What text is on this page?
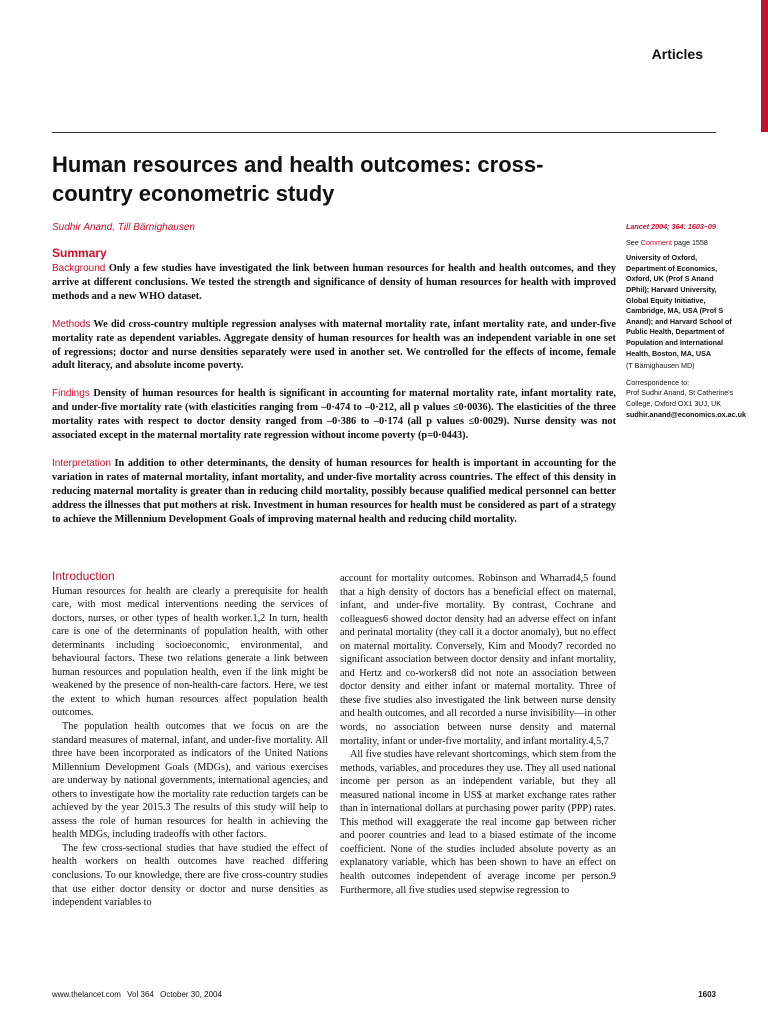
Articles
Human resources and health outcomes: cross-country econometric study
Sudhir Anand, Till Bärnighausen
Summary

Background Only a few studies have investigated the link between human resources for health and health outcomes, and they arrive at different conclusions. We tested the strength and significance of density of human resources for health with improved methods and a new WHO dataset.

Methods We did cross-country multiple regression analyses with maternal mortality rate, infant mortality rate, and under-five mortality rate as dependent variables. Aggregate density of human resources for health was an independent variable in one set of regressions; doctor and nurse densities separately were used in another set. We controlled for the effects of income, female adult literacy, and absolute income poverty.

Findings Density of human resources for health is significant in accounting for maternal mortality rate, infant mortality rate, and under-five mortality rate (with elasticities ranging from –0·474 to –0·212, all p values ≤0·0036). The elasticities of the three mortality rates with respect to doctor density ranged from –0·386 to –0·174 (all p values ≤0·0029). Nurse density was not associated except in the maternal mortality rate regression without income poverty (p=0·0443).

Interpretation In addition to other determinants, the density of human resources for health is important in accounting for the variation in rates of maternal mortality, infant mortality, and under-five mortality across countries. The effect of this density in reducing maternal mortality is greater than in reducing child mortality, possibly because qualified medical personnel can better address the illnesses that put mothers at risk. Investment in human resources for health must be considered as part of a strategy to achieve the Millennium Development Goals of improving maternal health and reducing child mortality.

Lancet 2004; 364: 1603–09

See Comment page 1558

University of Oxford, Department of Economics, Oxford, UK (Prof S Anand DPhil); Harvard University, Global Equity Initiative, Cambridge, MA, USA (Prof S Anand); and Harvard School of Public Health, Department of Population and International Health, Boston, MA, USA

(T Bärnighausen MD)

Correspondence to:

Prof Sudhir Anand, St Catherine's College, Oxford OX1 3UJ, UK

sudhir.anand@economics.ox.ac.uk

Introduction

Human resources for health are clearly a prerequisite for health care, with most medical interventions needing the services of doctors, nurses, or other types of health worker.1,2 In turn, health care is one of the determinants of population health, with other determinants including socioeconomic, environmental, and behavioural factors. These two relations generate a link between human resources and population health, even if the link might be weakened by the presence of non-health-care factors. Here, we test the extent to which human resources affect population health outcomes.

The population health outcomes that we focus on are the standard measures of maternal, infant, and under-five mortality. All three have been incorporated as indicators of the United Nations Millennium Development Goals (MDGs), and various exercises are underway by national governments, international agencies, and others to investigate how the mortality rate reduction targets can be achieved by the year 2015.3 The results of this study will help to assess the role of human resources for health in achieving the health MDGs, including tradeoffs with other factors.

The few cross-sectional studies that have studied the effect of health workers on health outcomes have reached differing conclusions. To our knowledge, there are five cross-country studies that use either doctor density or doctor and nurse densities as independent variables to

account for mortality outcomes. Robinson and Wharrad4,5 found that a high density of doctors has a beneficial effect on maternal, infant, and under-five mortality. By contrast, Cochrane and colleagues6 showed doctor density had an adverse effect on infant and perinatal mortality (they call it a doctor anomaly), but no effect on maternal mortality. Conversely, Kim and Moody7 recorded no significant association between doctor density and infant mortality, and Hertz and co-workers8 did not note an association between doctor density and either infant or maternal mortality. Three of these five studies also investigated the link between nurse density and health outcomes, and all recorded a nurse invisibility—in other words, no association between nurse density and maternal mortality, infant or under-five mortality, and infant mortality.4,5,7

All five studies have relevant shortcomings, which stem from the methods, variables, and procedures they use. They all used national income per person as an independent variable, but they all measured national income in US$ at market exchange rates rather than in international dollars at purchasing power parity (PPP) rates. This method will exaggerate the real income gap between richer and poorer countries and lead to a biased estimate of the income coefficient. None of the studies included absolute poverty as an explanatory variable, which has been shown to have an effect on health outcomes independent of average income per person.9 Furthermore, all five studies used stepwise regression to

www.thelancet.com Vol 364 October 30, 2004	1603
